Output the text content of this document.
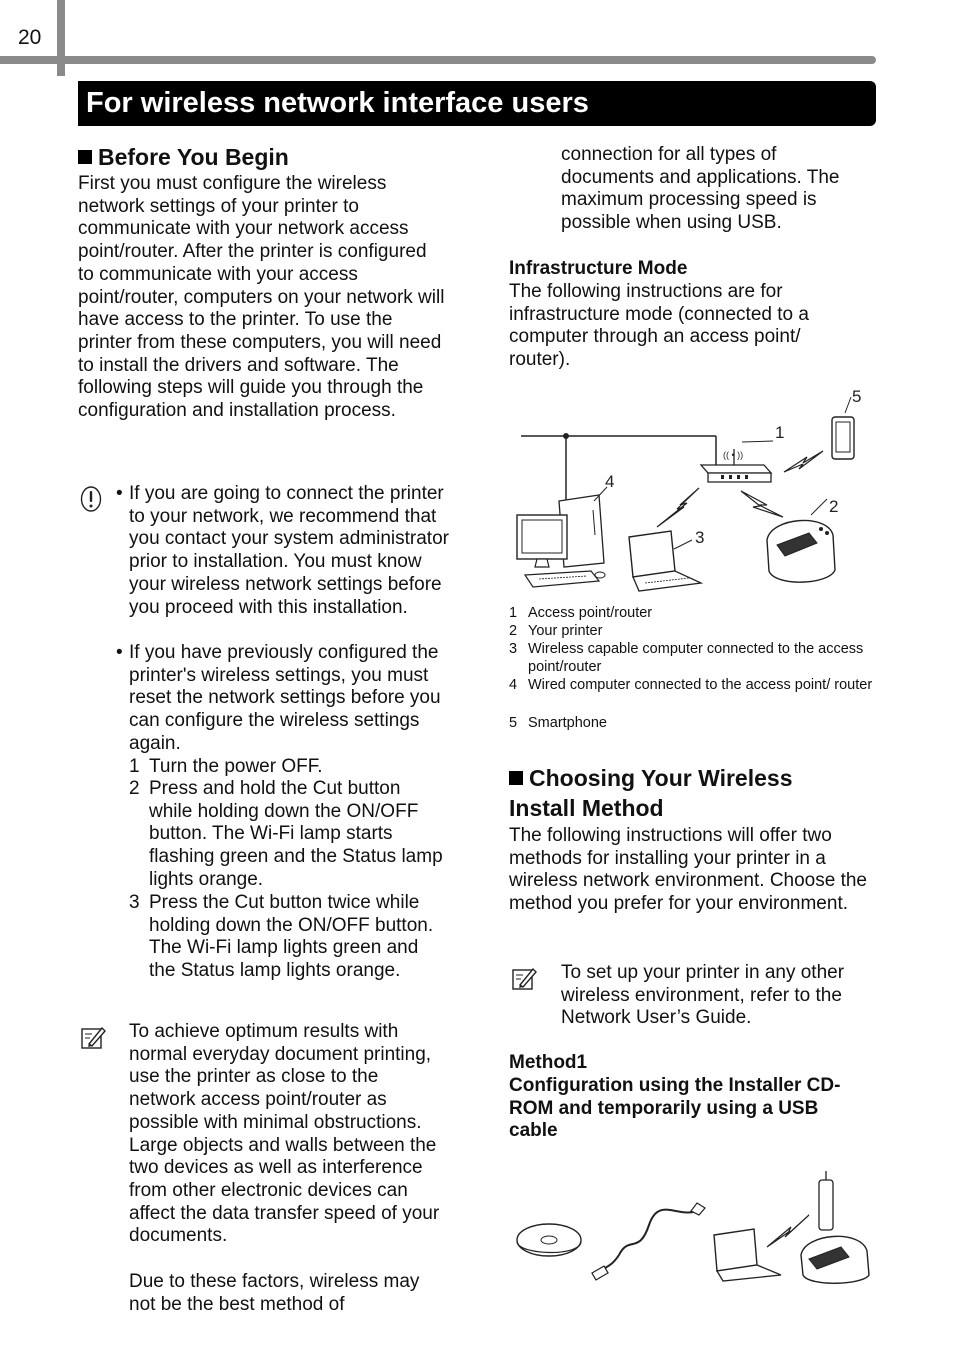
20
For wireless network interface users
Before You Begin
First you must configure the wireless network settings of your printer to communicate with your network access point/router. After the printer is configured to communicate with your access point/router, computers on your network will have access to the printer. To use the printer from these computers, you will need to install the drivers and software. The following steps will guide you through the configuration and installation process.
• If you are going to connect the printer to your network, we recommend that you contact your system administrator prior to installation. You must know your wireless network settings before you proceed with this installation.
• If you have previously configured the printer's wireless settings, you must reset the network settings before you can configure the wireless settings again.
1 Turn the power OFF.
2 Press and hold the Cut button while holding down the ON/OFF button. The Wi-Fi lamp starts flashing green and the Status lamp lights orange.
3 Press the Cut button twice while holding down the ON/OFF button. The Wi-Fi lamp lights green and the Status lamp lights orange.
To achieve optimum results with normal everyday document printing, use the printer as close to the network access point/router as possible with minimal obstructions. Large objects and walls between the two devices as well as interference from other electronic devices can affect the data transfer speed of your documents.
Due to these factors, wireless may not be the best method of
connection for all types of documents and applications. The maximum processing speed is possible when using USB.
Infrastructure Mode
The following instructions are for infrastructure mode (connected to a computer through an access point/ router).
(( • ))
1
2
3
4
5
1 Access point/router
2 Your printer
3 Wireless capable computer connected to the access point/router
4 Wired computer connected to the access point/ router
5 Smartphone
Choosing Your Wireless Install Method
The following instructions will offer two methods for installing your printer in a wireless network environment. Choose the method you prefer for your environment.
To set up your printer in any other wireless environment, refer to the Network User’s Guide.
Method1
Configuration using the Installer CD-ROM and temporarily using a USB cable
